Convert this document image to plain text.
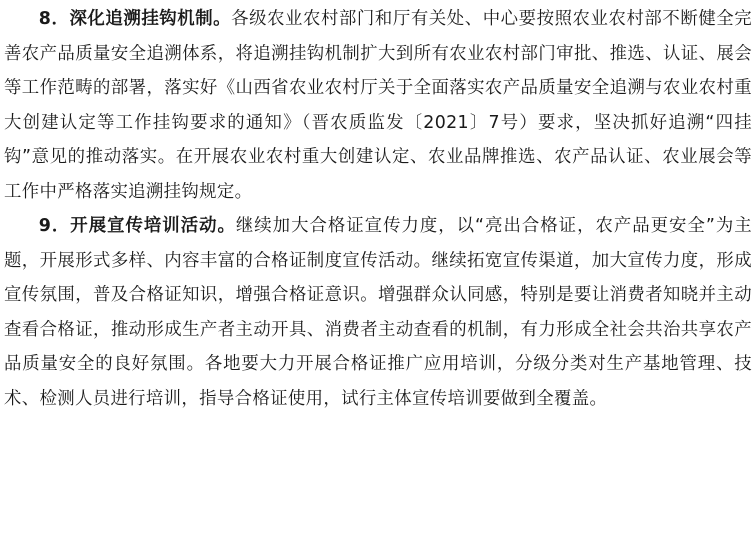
8．深化追溯挂钩机制。各级农业农村部门和厅有关处、中心要按照农业农村部不断健全完善农产品质量安全追溯体系，将追溯挂钩机制扩大到所有农业农村部门审批、推选、认证、展会等工作范畴的部署，落实好《山西省农业农村厅关于全面落实农产品质量安全追溯与农业农村重大创建认定等工作挂钩要求的通知》（晋农质监发〔2021〕7号）要求，坚决抓好追溯“四挂钩”意见的推动落实。在开展农业农村重大创建认定、农业品牌推选、农产品认证、农业展会等工作中严格落实追溯挂钩规定。

9．开展宣传培训活动。继续加大合格证宣传力度，以“亮出合格证，农产品更安全”为主题，开展形式多样、内容丰富的合格证制度宣传活动。继续拓宽宣传渠道，加大宣传力度，形成宣传氛围，普及合格证知识，增强合格证意识。增强群众认同感，特别是要让消费者知晓并主动查看合格证，推动形成生产者主动开具、消费者主动查看的机制，有力形成全社会共治共享农产品质量安全的良好氛围。各地要大力开展合格证推广应用培训，分级分类对生产基地管理、技术、检测人员进行培训，指导合格证使用，试行主体宣传培训要做到全覆盖。
